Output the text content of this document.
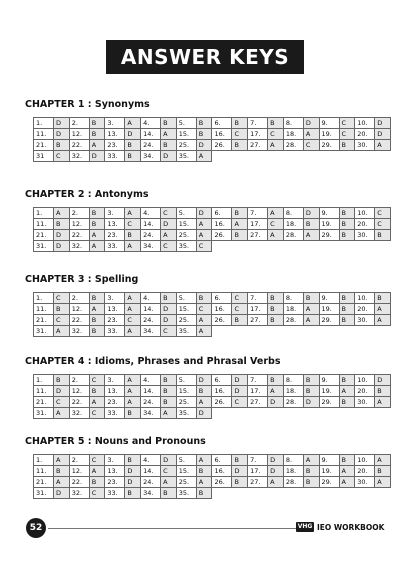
ANSWER KEYS
CHAPTER 1 : Synonyms
1.	D	2.	B	3.	A	4.	B	5.	B	6.	B	7.	B	8.	D	9.	C	10.	D
11.	D	12.	B	13.	D	14.	A	15.	B	16.	C	17.	C	18.	A	19.	C	20.	D
21.	B	22.	A	23.	B	24.	B	25.	D	26.	B	27.	A	28.	C	29.	B	30.	A
31	C	32.	D	33.	B	34.	D	35.	A										
CHAPTER 2 : Antonyms
1.	A	2.	B	3.	A	4.	C	5.	D	6.	B	7.	A	8.	D	9.	B	10.	C
11.	B	12.	B	13.	C	14.	D	15.	A	16.	A	17.	C	18.	B	19.	B	20.	C
21.	D	22.	A	23.	B	24.	A	25.	A	26.	B	27.	A	28.	A	29.	B	30.	B
31.	D	32.	A	33.	A	34.	C	35.	C										
CHAPTER 3 : Spelling
1.	C	2.	B	3.	A	4.	B	5.	B	6.	C	7.	B	8.	B	9.	B	10.	B
11.	B	12.	A	13.	A	14.	D	15.	C	16.	C	17.	B	18.	A	19.	B	20.	A
21.	C	22.	B	23.	C	24.	D	25.	A	26.	B	27.	B	28.	A	29.	B	30.	A
31.	A	32.	B	33.	A	34.	C	35.	A										
CHAPTER 4 : Idioms, Phrases and Phrasal Verbs
1.	B	2.	C	3.	A	4.	B	5.	D	6.	D	7.	B	8.	B	9.	B	10.	D
11.	D	12.	B	13.	A	14.	B	15.	B	16.	D	17.	A	18.	B	19.	A	20.	B
21.	C	22.	A	23.	A	24.	B	25.	A	26.	C	27.	D	28.	D	29.	B	30.	A
31.	A	32.	C	33.	B	34.	A	35.	D										
CHAPTER 5 : Nouns and Pronouns
1.	A	2.	C	3.	B	4.	D	5.	A	6.	B	7.	D	8.	A	9.	B	10.	A
11.	B	12.	A	13.	D	14.	C	15.	B	16.	D	17.	D	18.	B	19.	A	20.	B
21.	A	22.	B	23.	D	24.	A	25.	A	26.	B	27.	A	28.	B	29.	A	30.	A
31.	D	32.	C	33.	B	34.	B	35.	B										
52	VHG IEO WORKBOOK
